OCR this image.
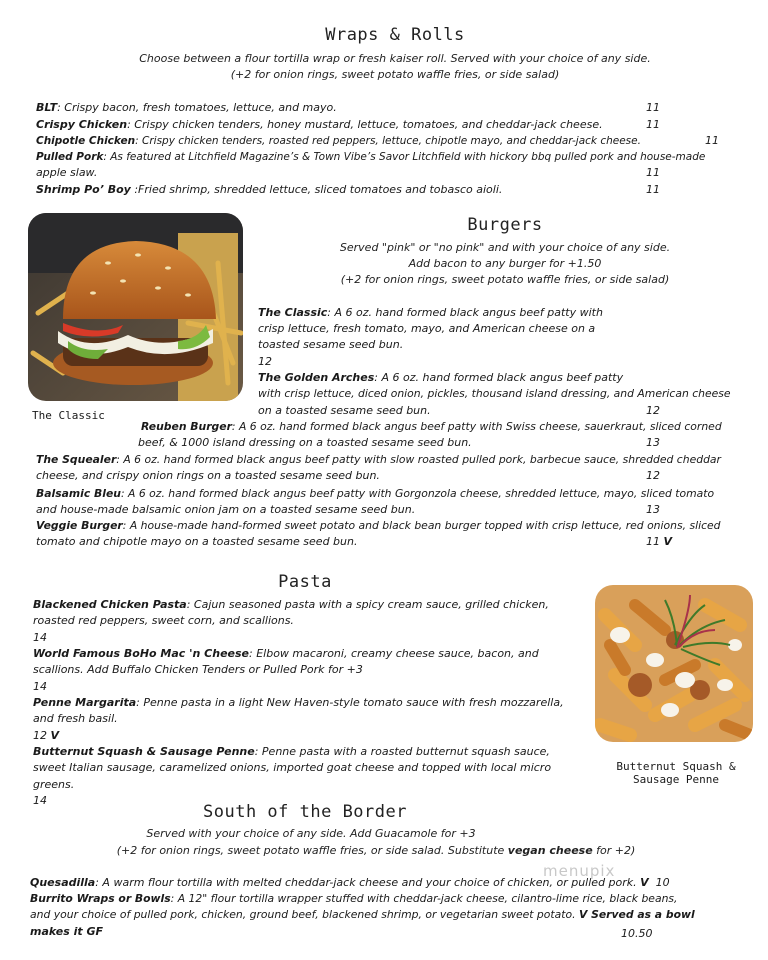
Wraps & Rolls
Choose between a flour tortilla wrap or fresh kaiser roll. Served with your choice of any side.
(+2 for onion rings, sweet potato waffle fries, or side salad)
BLT: Crispy bacon, fresh tomatoes, lettuce, and mayo.	11
Crispy Chicken: Crispy chicken tenders, honey mustard, lettuce, tomatoes, and cheddar-jack cheese.	11
Chipotle Chicken: Crispy chicken tenders, roasted red peppers, lettuce, chipotle mayo, and cheddar-jack cheese.	11
Pulled Pork: As featured at Litchfield Magazine’s & Town Vibe’s Savor Litchfield with hickory bbq pulled pork and house-made
apple slaw.	11
Shrimp Po’ Boy :Fried shrimp, shredded lettuce, sliced tomatoes and tobasco aioli.	11
The Classic
Burgers
Served "pink" or "no pink" and with your choice of any side.
Add bacon to any burger for +1.50
(+2 for onion rings, sweet potato waffle fries, or side salad)
The Classic: A 6 oz. hand formed black angus beef patty with
crisp lettuce, fresh tomato, mayo, and American cheese on a
toasted sesame seed bun.
12
The Golden Arches: A 6 oz. hand formed black angus beef patty
with crisp lettuce, diced onion, pickles, thousand island dressing, and American cheese
on a toasted sesame seed bun.	12
Reuben Burger: A 6 oz. hand formed black angus beef patty with Swiss cheese, sauerkraut, sliced corned
beef, & 1000 island dressing on a toasted sesame seed bun.	13
The Squealer: A 6 oz. hand formed black angus beef patty with slow roasted pulled pork, barbecue sauce, shredded cheddar
cheese, and crispy onion rings on a toasted sesame seed bun.	12
Balsamic Bleu: A 6 oz. hand formed black angus beef patty with Gorgonzola cheese, shredded lettuce, mayo, sliced tomato
and house-made balsamic onion jam on a toasted sesame seed bun.	13
Veggie Burger: A house-made hand-formed sweet potato and black bean burger topped with crisp lettuce, red onions, sliced
tomato and chipotle mayo on a toasted sesame seed bun.	11 V
Pasta
Blackened Chicken Pasta: Cajun seasoned pasta with a spicy cream sauce, grilled chicken,
roasted red peppers, sweet corn, and scallions.
14
World Famous BoHo Mac 'n Cheese: Elbow macaroni, creamy cheese sauce, bacon, and
scallions. Add Buffalo Chicken Tenders or Pulled Pork for +3
14
Penne Margarita: Penne pasta in a light New Haven-style tomato sauce with fresh mozzarella,
and fresh basil.
12 V
Butternut Squash & Sausage Penne: Penne pasta with a roasted butternut squash sauce,
sweet Italian sausage, caramelized onions, imported goat cheese and topped with local micro
greens.
14
Butternut Squash &
Sausage Penne
South of the Border
Served with your choice of any side. Add Guacamole for +3
(+2 for onion rings, sweet potato waffle fries, or side salad. Substitute vegan cheese for +2)
Quesadilla: A warm flour tortilla with melted cheddar-jack cheese and your choice of chicken, or pulled pork. V 10
Burrito Wraps or Bowls: A 12" flour tortilla wrapper stuffed with cheddar-jack cheese, cilantro-lime rice, black beans,
and your choice of pulled pork, chicken, ground beef, blackened shrimp, or vegetarian sweet potato. V Served as a bowl
makes it GF	10.50
menupix
